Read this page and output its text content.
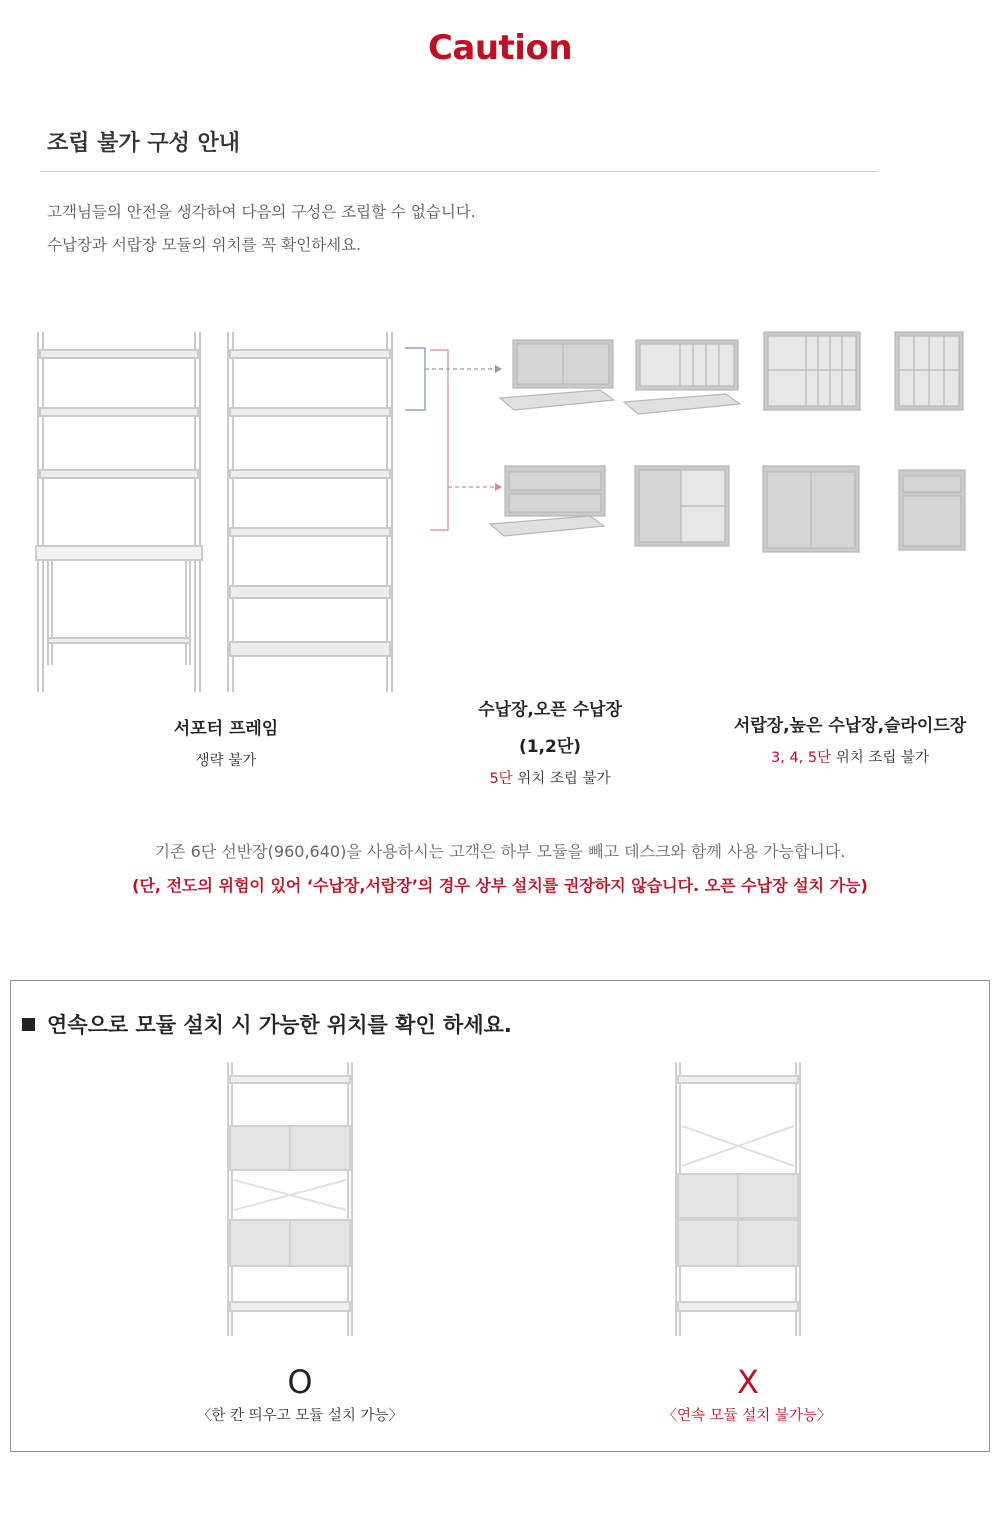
Caution
조립 불가 구성 안내
고객님들의 안전을 생각하여 다음의 구성은 조립할 수 없습니다.
수납장과 서랍장 모듈의 위치를 꼭 확인하세요.
서포터 프레임
생략 불가
수납장,오픈 수납장
(1,2단)
5단 위치 조립 불가
서랍장,높은 수납장,슬라이드장
3, 4, 5단 위치 조립 불가
기존 6단 선반장(960,640)을 사용하시는 고객은 하부 모듈을 빼고 데스크와 함께 사용 가능합니다.
(단, 전도의 위험이 있어 ‘수납장,서랍장’의 경우 상부 설치를 권장하지 않습니다. 오픈 수납장 설치 가능)
연속으로 모듈 설치 시 가능한 위치를 확인 하세요.
O	X
〈한 칸 띄우고 모듈 설치 가능〉	〈연속 모듈 설치 불가능〉
